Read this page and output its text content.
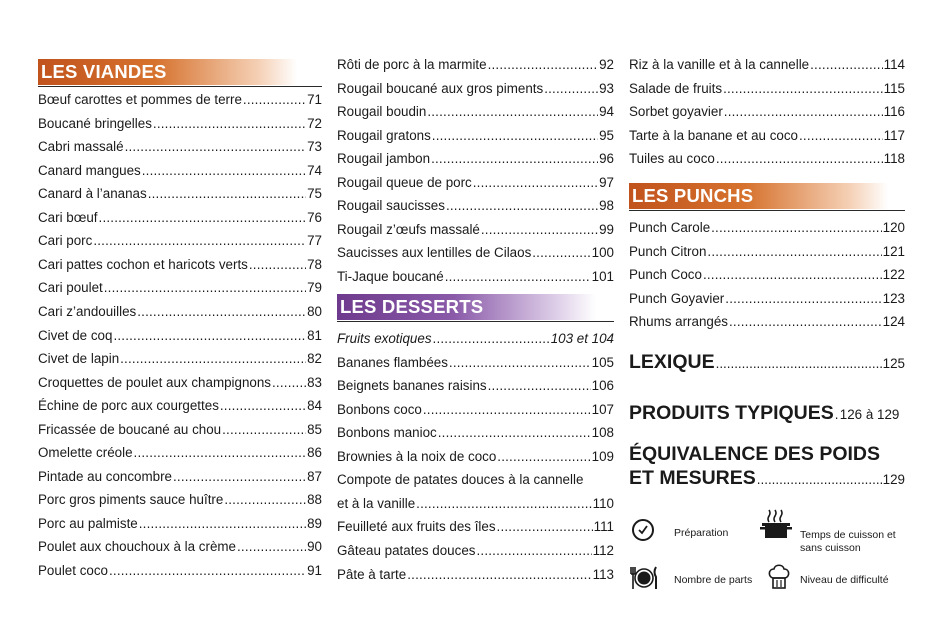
LES VIANDES
Bœuf carottes et pommes de terre .....	71
Boucané bringelles .....	72
Cabri massalé .....	73
Canard mangues .....	74
Canard à l’ananas .....	75
Cari bœuf .....	76
Cari porc .....	77
Cari pattes cochon et haricots verts .....	78
Cari poulet .....	79
Cari z’andouilles .....	80
Civet de coq .....	81
Civet de lapin .....	82
Croquettes de poulet aux champignons .....	83
Échine de porc aux courgettes .....	84
Fricassée de boucané au chou .....	85
Omelette créole .....	86
Pintade au concombre .....	87
Porc gros piments sauce huître .....	88
Porc au palmiste .....	89
Poulet aux chouchoux à la crème .....	90
Poulet coco .....	91
Rôti de porc à la marmite .....	92
Rougail boucané aux gros piments .....	93
Rougail boudin .....	94
Rougail gratons .....	95
Rougail jambon .....	96
Rougail queue de porc .....	97
Rougail saucisses .....	98
Rougail z’œufs massalé .....	99
Saucisses aux lentilles de Cilaos .....	100
Ti-Jaque boucané .....	101
LES DESSERTS
Fruits exotiques .....	103 et 104
Bananes flambées .....	105
Beignets bananes raisins .....	106
Bonbons coco .....	107
Bonbons manioc .....	108
Brownies à la noix de coco .....	109
Compote de patates douces à la cannelle
et à la vanille .....	110
Feuilleté aux fruits des îles .....	111
Gâteau patates douces .....	112
Pâte à tarte .....	113
Riz à la vanille et à la cannelle .....	114
Salade de fruits .....	115
Sorbet goyavier .....	116
Tarte à la banane et au coco .....	117
Tuiles au coco .....	118
LES PUNCHS
Punch Carole .....	120
Punch Citron .....	121
Punch Coco .....	122
Punch Goyavier .....	123
Rhums arrangés .....	124
LEXIQUE .....	125
PRODUITS TYPIQUES ..... 126 à 129
ÉQUIVALENCE DES POIDS
ET MESURES .....	129
Préparation	Temps de cuisson et
sans cuisson
Nombre de parts	Niveau de difficulté
